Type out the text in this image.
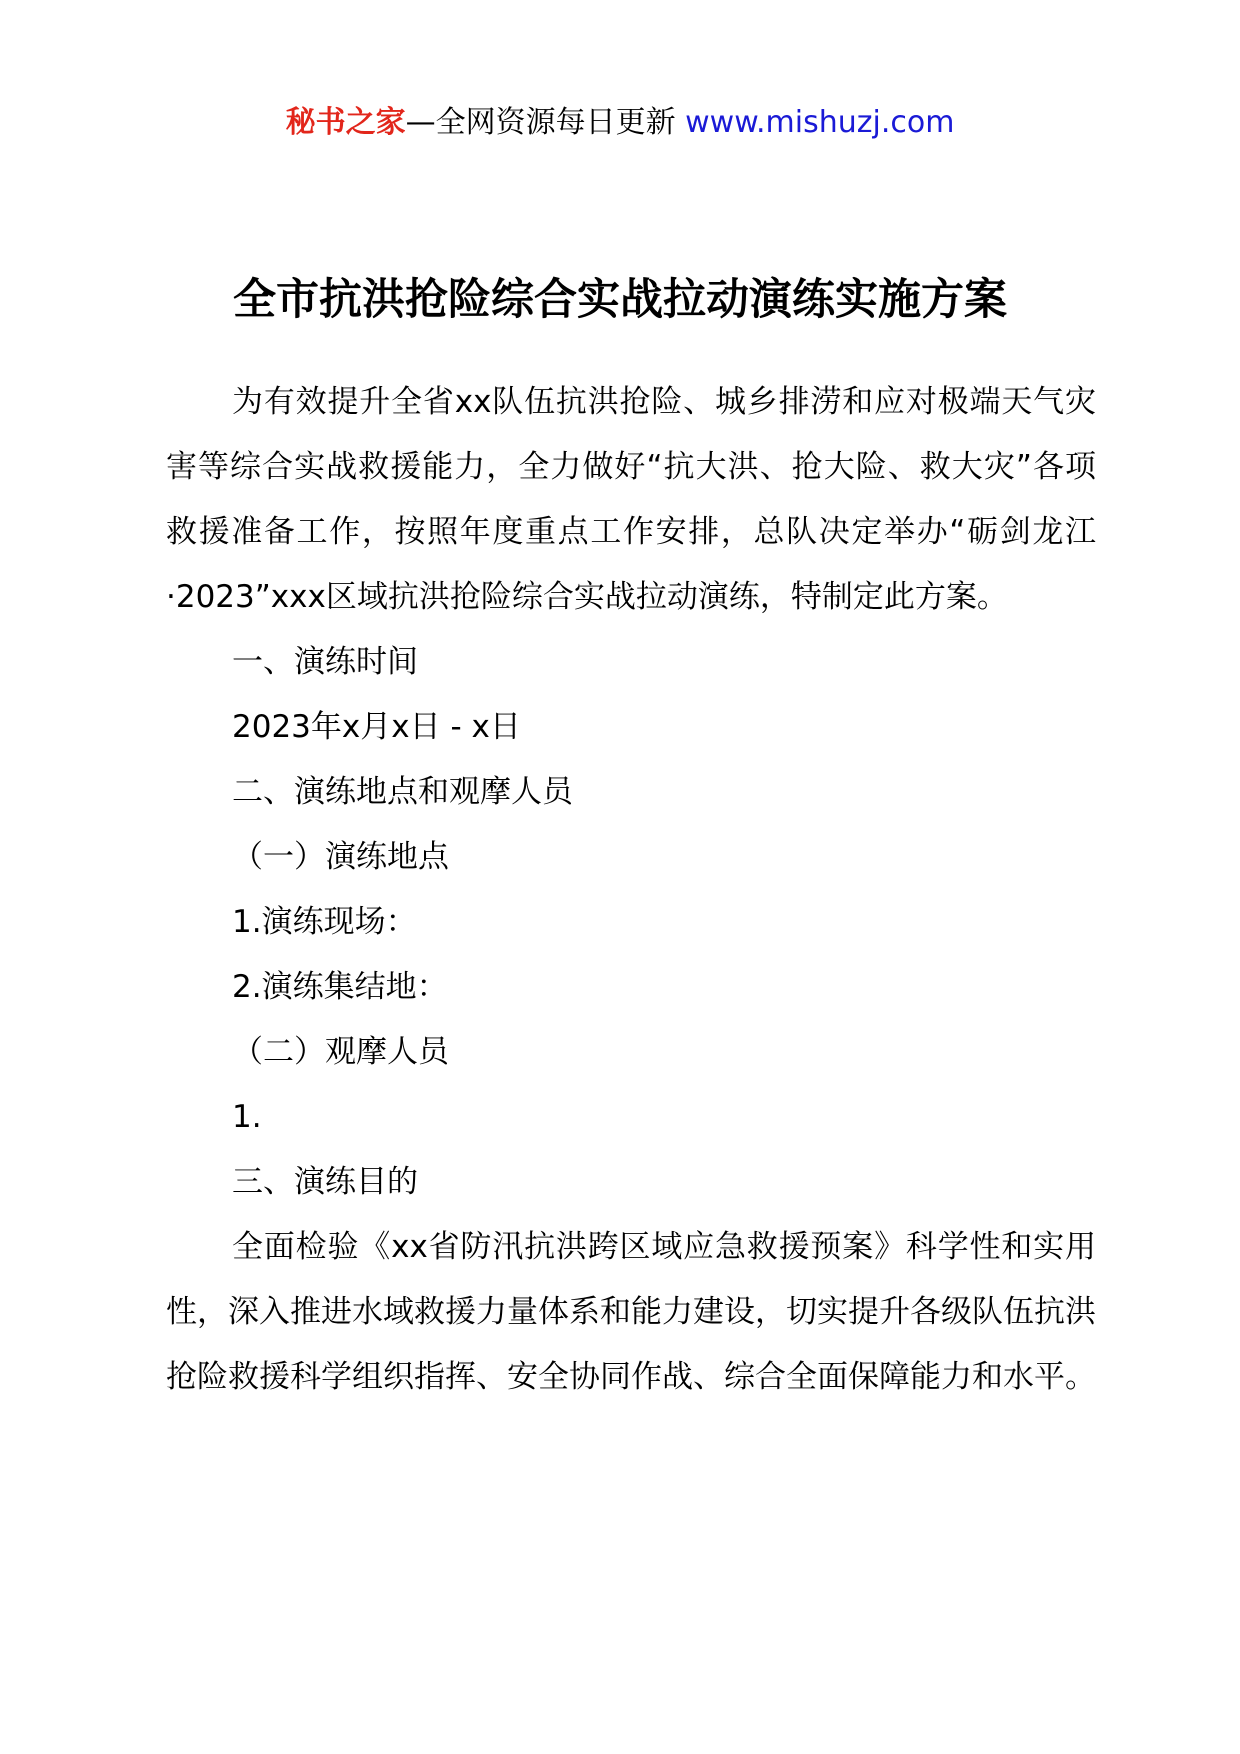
秘书之家—全网资源每日更新 www.mishuzj.com
全市抗洪抢险综合实战拉动演练实施方案

为有效提升全省xx队伍抗洪抢险、城乡排涝和应对极端天气灾害等综合实战救援能力，全力做好“抗大洪、抢大险、救大灾”各项救援准备工作，按照年度重点工作安排，总队决定举办“砺剑龙江·2023”xxx区域抗洪抢险综合实战拉动演练，特制定此方案。

一、演练时间

2023年x月x日 - x日

二、演练地点和观摩人员

（一）演练地点

1.演练现场：

2.演练集结地：

（二）观摩人员

1.

三、演练目的

全面检验《xx省防汛抗洪跨区域应急救援预案》科学性和实用性，深入推进水域救援力量体系和能力建设，切实提升各级队伍抗洪抢险救援科学组织指挥、安全协同作战、综合全面保障能力和水平。
